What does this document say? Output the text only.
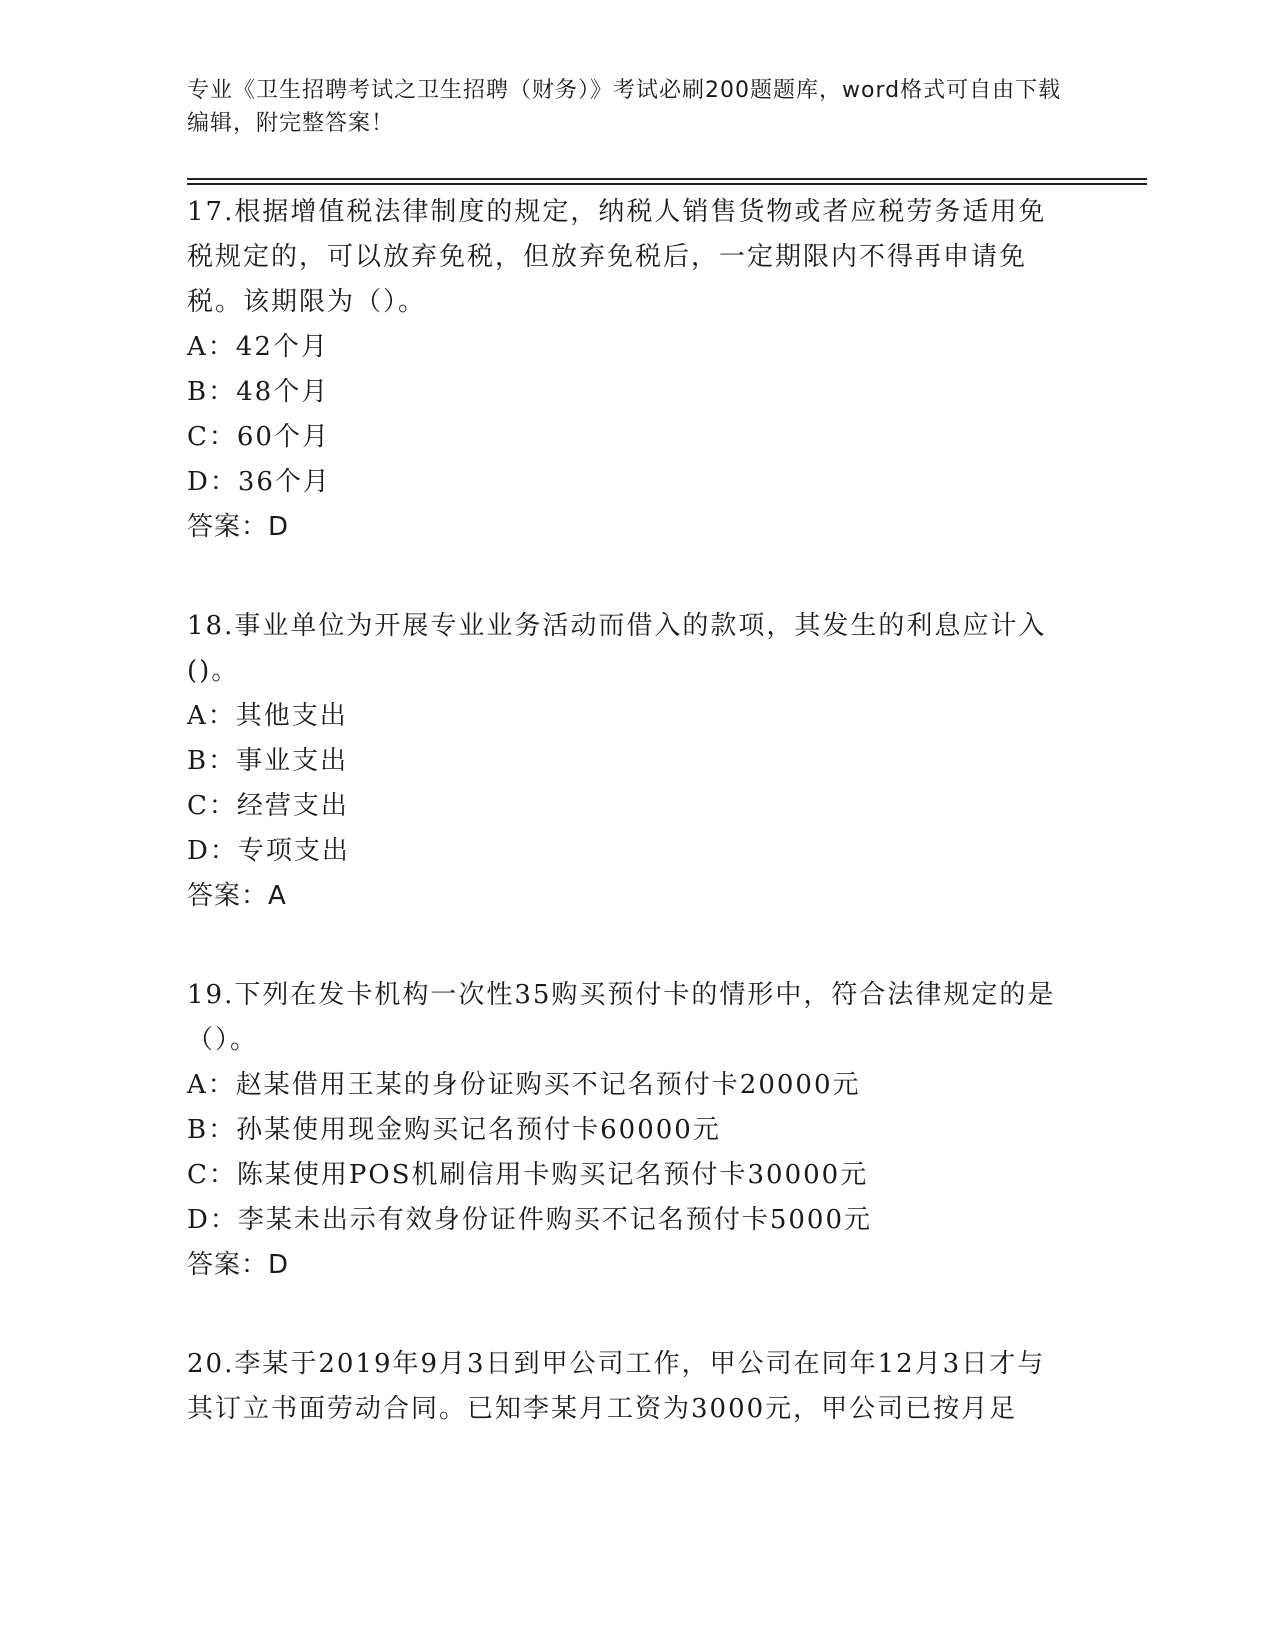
专业《卫生招聘考试之卫生招聘（财务）》考试必刷200题题库，word格式可自由下载编辑，附完整答案！

17.根据增值税法律制度的规定，纳税人销售货物或者应税劳务适用免税规定的，可以放弃免税，但放弃免税后，一定期限内不得再申请免税。该期限为（）。

A：42个月

B：48个月

C：60个月

D：36个月

答案：D

18.事业单位为开展专业业务活动而借入的款项，其发生的利息应计入()。

A：其他支出

B：事业支出

C：经营支出

D：专项支出

答案：A

19.下列在发卡机构一次性35购买预付卡的情形中，符合法律规定的是（）。

A：赵某借用王某的身份证购买不记名预付卡20000元

B：孙某使用现金购买记名预付卡60000元

C：陈某使用POS机刷信用卡购买记名预付卡30000元

D：李某未出示有效身份证件购买不记名预付卡5000元

答案：D

20.李某于2019年9月3日到甲公司工作，甲公司在同年12月3日才与其订立书面劳动合同。已知李某月工资为3000元，甲公司已按月足
